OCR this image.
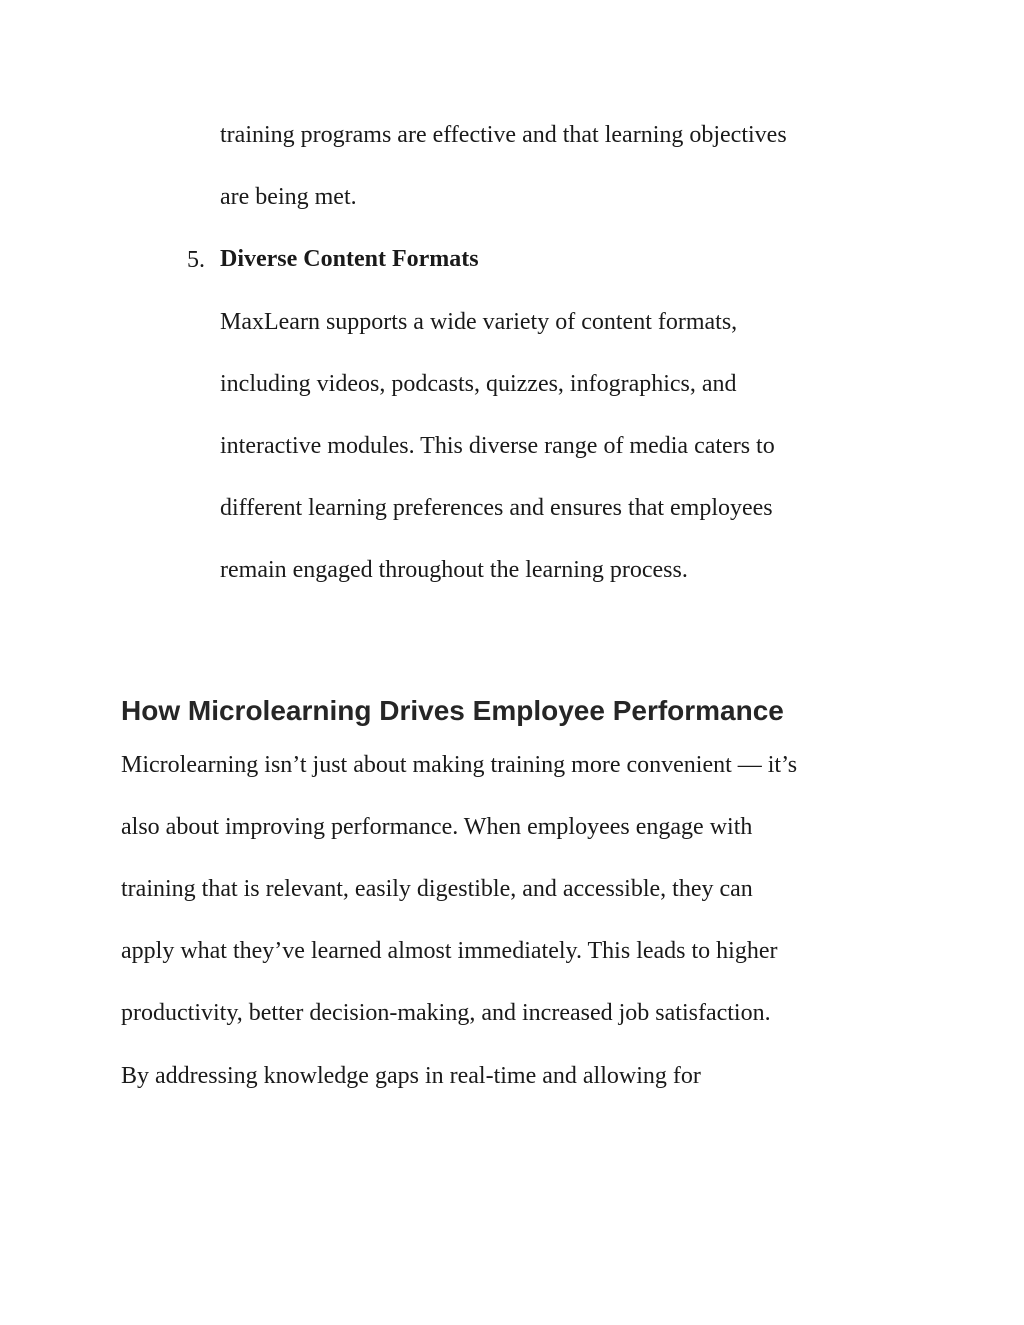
training programs are effective and that learning objectives
are being met.
5. Diverse Content Formats
MaxLearn supports a wide variety of content formats,
including videos, podcasts, quizzes, infographics, and
interactive modules. This diverse range of media caters to
different learning preferences and ensures that employees
remain engaged throughout the learning process.
How Microlearning Drives Employee Performance
Microlearning isn’t just about making training more convenient — it’s
also about improving performance. When employees engage with
training that is relevant, easily digestible, and accessible, they can
apply what they’ve learned almost immediately. This leads to higher
productivity, better decision-making, and increased job satisfaction.
By addressing knowledge gaps in real-time and allowing for
